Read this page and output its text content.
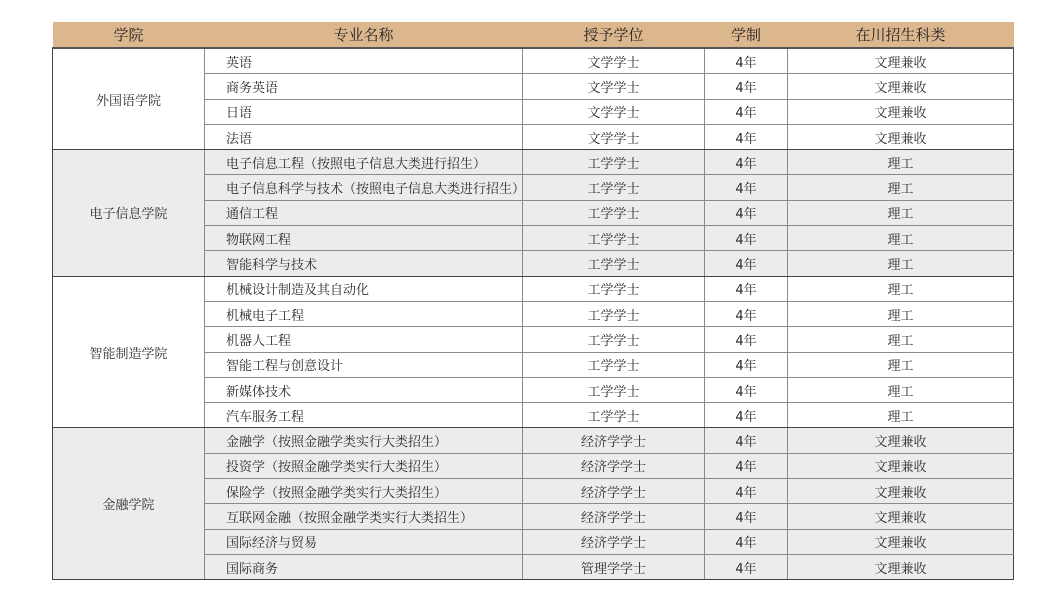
学院	专业名称	授予学位	学制	在川招生科类
外国语学院	英语	文学学士	4年	文理兼收
	商务英语	文学学士	4年	文理兼收
	日语	文学学士	4年	文理兼收
	法语	文学学士	4年	文理兼收
电子信息学院	电子信息工程（按照电子信息大类进行招生）	工学学士	4年	理工
	电子信息科学与技术（按照电子信息大类进行招生）	工学学士	4年	理工
	通信工程	工学学士	4年	理工
	物联网工程	工学学士	4年	理工
	智能科学与技术	工学学士	4年	理工
智能制造学院	机械设计制造及其自动化	工学学士	4年	理工
	机械电子工程	工学学士	4年	理工
	机器人工程	工学学士	4年	理工
	智能工程与创意设计	工学学士	4年	理工
	新媒体技术	工学学士	4年	理工
	汽车服务工程	工学学士	4年	理工
金融学院	金融学（按照金融学类实行大类招生）	经济学学士	4年	文理兼收
	投资学（按照金融学类实行大类招生）	经济学学士	4年	文理兼收
	保险学（按照金融学类实行大类招生）	经济学学士	4年	文理兼收
	互联网金融（按照金融学类实行大类招生）	经济学学士	4年	文理兼收
	国际经济与贸易	经济学学士	4年	文理兼收
	国际商务	管理学学士	4年	文理兼收
